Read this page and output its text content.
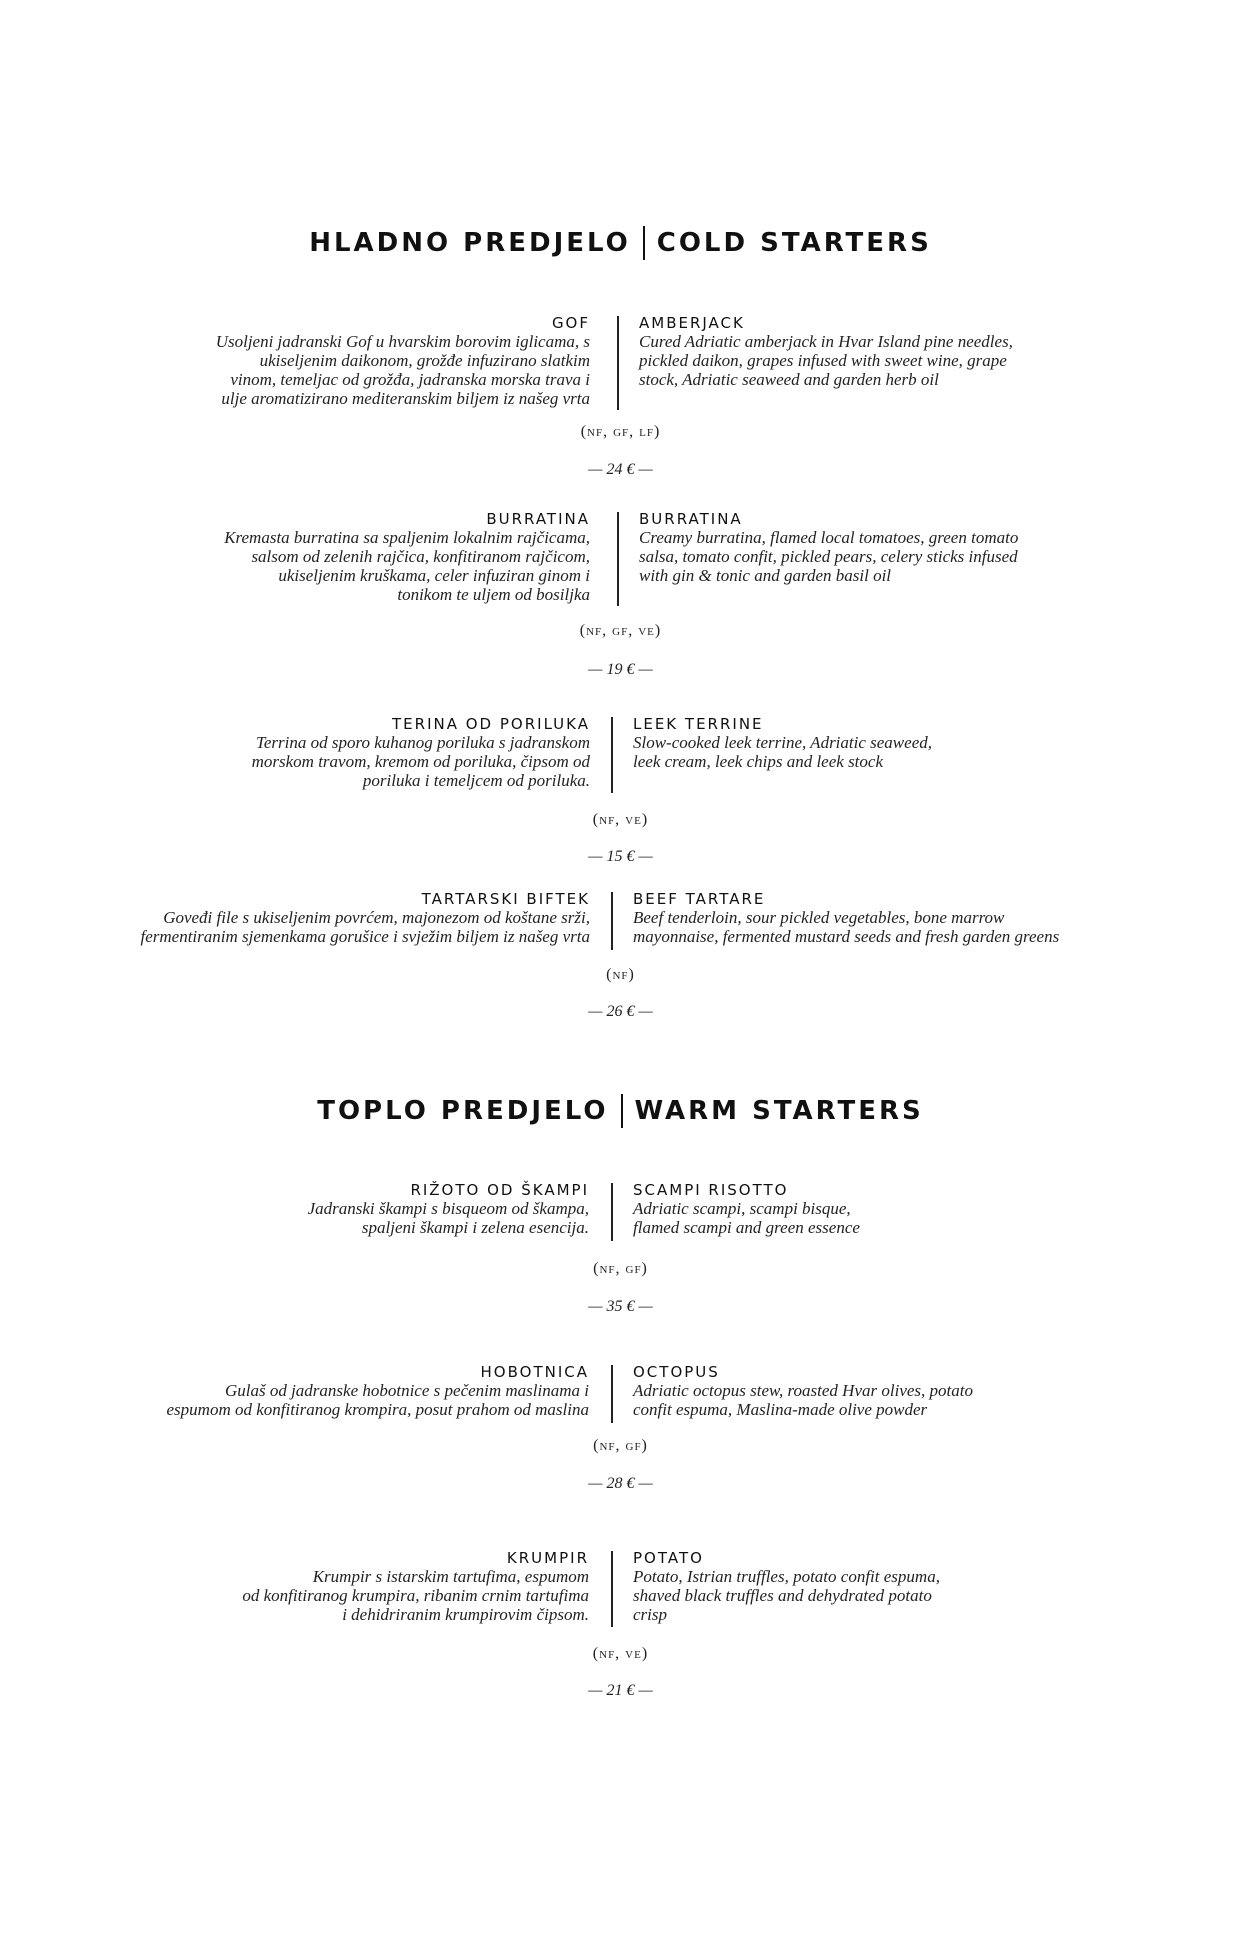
HLADNO PREDJELO COLD STARTERS
GOF
Usoljeni jadranski Gof u hvarskim borovim iglicama, s
ukiseljenim daikonom, grožđe infuzirano slatkim
vinom, temeljac od grožđa, jadranska morska trava i
ulje aromatizirano mediteranskim biljem iz našeg vrta
AMBERJACK
Cured Adriatic amberjack in Hvar Island pine needles,
pickled daikon, grapes infused with sweet wine, grape
stock, Adriatic seaweed and garden herb oil
(nf, gf, lf)
— 24 € —
BURRATINA
Kremasta burratina sa spaljenim lokalnim rajčicama,
salsom od zelenih rajčica, konfitiranom rajčicom,
ukiseljenim kruškama, celer infuziran ginom i
tonikom te uljem od bosiljka
BURRATINA
Creamy burratina, flamed local tomatoes, green tomato
salsa, tomato confit, pickled pears, celery sticks infused
with gin & tonic and garden basil oil
(nf, gf, ve)
— 19 € —
TERINA OD PORILUKA
Terrina od sporo kuhanog poriluka s jadranskom
morskom travom, kremom od poriluka, čipsom od
poriluka i temeljcem od poriluka.
LEEK TERRINE
Slow-cooked leek terrine, Adriatic seaweed,
leek cream, leek chips and leek stock
(nf, ve)
— 15 € —
TARTARSKI BIFTEK
Goveđi file s ukiseljenim povrćem, majonezom od koštane srži,
fermentiranim sjemenkama gorušice i svježim biljem iz našeg vrta
BEEF TARTARE
Beef tenderloin, sour pickled vegetables, bone marrow
mayonnaise, fermented mustard seeds and fresh garden greens
(nf)
— 26 € —
TOPLO PREDJELO WARM STARTERS
RIŽOTO OD ŠKAMPI
Jadranski škampi s bisqueom od škampa,
spaljeni škampi i zelena esencija.
SCAMPI RISOTTO
Adriatic scampi, scampi bisque,
flamed scampi and green essence
(nf, gf)
— 35 € —
HOBOTNICA
Gulaš od jadranske hobotnice s pečenim maslinama i
espumom od konfitiranog krompira, posut prahom od maslina
OCTOPUS
Adriatic octopus stew, roasted Hvar olives, potato
confit espuma, Maslina-made olive powder
(nf, gf)
— 28 € —
KRUMPIR
Krumpir s istarskim tartufima, espumom
od konfitiranog krumpira, ribanim crnim tartufima
i dehidriranim krumpirovim čipsom.
POTATO
Potato, Istrian truffles, potato confit espuma,
shaved black truffles and dehydrated potato
crisp
(nf, ve)
— 21 € —
